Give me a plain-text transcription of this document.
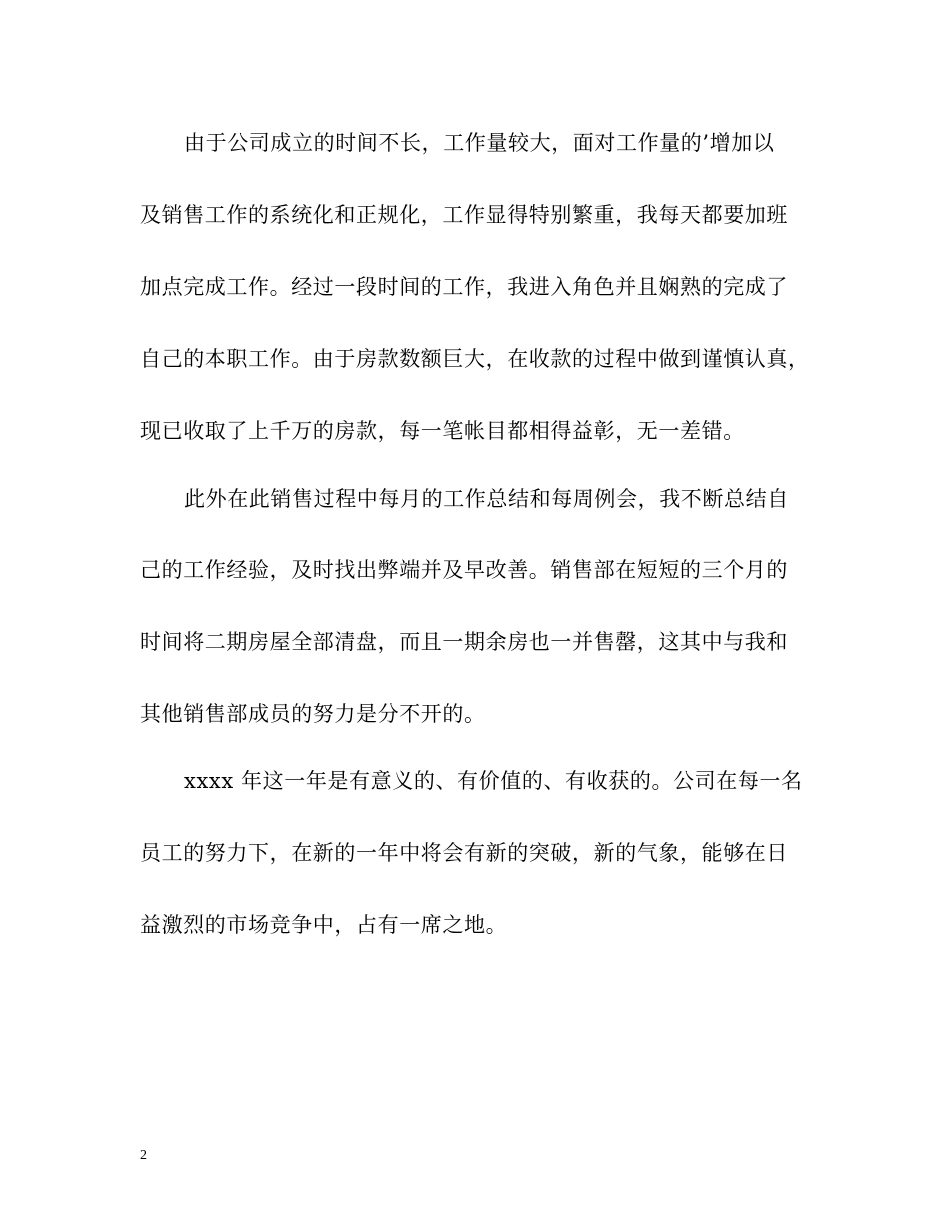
由于公司成立的时间不长，工作量较大，面对工作量的’增加以
及销售工作的系统化和正规化，工作显得特别繁重，我每天都要加班
加点完成工作。经过一段时间的工作，我进入角色并且娴熟的完成了
自己的本职工作。由于房款数额巨大，在收款的过程中做到谨慎认真，
现已收取了上千万的房款，每一笔帐目都相得益彰，无一差错。
此外在此销售过程中每月的工作总结和每周例会，我不断总结自
己的工作经验，及时找出弊端并及早改善。销售部在短短的三个月的
时间将二期房屋全部清盘，而且一期余房也一并售罄，这其中与我和
其他销售部成员的努力是分不开的。
xxxx 年这一年是有意义的、有价值的、有收获的。公司在每一名
员工的努力下，在新的一年中将会有新的突破，新的气象，能够在日
益激烈的市场竞争中，占有一席之地。
2
